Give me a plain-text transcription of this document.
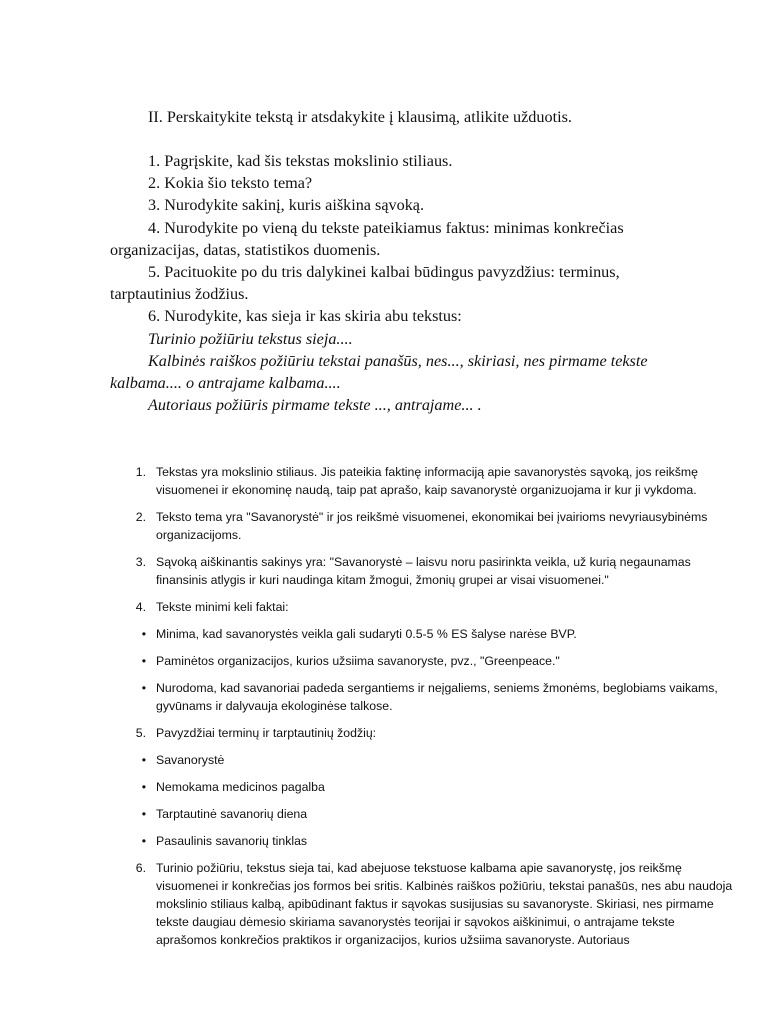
II. Perskaitykite tekstą ir atsdakykite į klausimą, atlikite užduotis.

1. Pagrįskite, kad šis tekstas mokslinio stiliaus.

2. Kokia šio teksto tema?

3. Nurodykite sakinį, kuris aiškina sąvoką.

4. Nurodykite po vieną du tekste pateikiamus faktus: minimas konkrečias organizacijas, datas, statistikos duomenis.

5. Pacituokite po du tris dalykinei kalbai būdingus pavyzdžius: terminus, tarptautinius žodžius.

6. Nurodykite, kas sieja ir kas skiria abu tekstus:

Turinio požiūriu tekstus sieja....

Kalbinės raiškos požiūriu tekstai panašūs, nes..., skiriasi, nes pirmame tekste kalbama.... o antrajame kalbama....

Autoriaus požiūris pirmame tekste ..., antrajame... .

1. Tekstas yra mokslinio stiliaus. Jis pateikia faktinę informaciją apie savanorystės sąvoką, jos reikšmę visuomenei ir ekonominę naudą, taip pat aprašo, kaip savanorystė organizuojama ir kur ji vykdoma.
2. Teksto tema yra "Savanorystė" ir jos reikšmė visuomenei, ekonomikai bei įvairioms nevyriausybinėms organizacijoms.
3. Sąvoką aiškinantis sakinys yra: "Savanorystė – laisvu noru pasirinkta veikla, už kurią negaunamas finansinis atlygis ir kuri naudinga kitam žmogui, žmonių grupei ar visai visuomenei."
4. Tekste minimi keli faktai:
• Minima, kad savanorystės veikla gali sudaryti 0.5-5 % ES šalyse narėse BVP.
• Paminėtos organizacijos, kurios užsiima savanoryste, pvz., "Greenpeace."
• Nurodoma, kad savanoriai padeda sergantiems ir neįgaliems, seniems žmonėms, beglobiams vaikams, gyvūnams ir dalyvauja ekologinėse talkose.
5. Pavyzdžiai terminų ir tarptautinių žodžių:
• Savanorystė
• Nemokama medicinos pagalba
• Tarptautinė savanorių diena
• Pasaulinis savanorių tinklas
6. Turinio požiūriu, tekstus sieja tai, kad abejuose tekstuose kalbama apie savanorystę, jos reikšmę visuomenei ir konkrečias jos formos bei sritis. Kalbinės raiškos požiūriu, tekstai panašūs, nes abu naudoja mokslinio stiliaus kalbą, apibūdinant faktus ir sąvokas susijusias su savanoryste. Skiriasi, nes pirmame tekste daugiau dėmesio skiriama savanorystės teorijai ir sąvokos aiškinimui, o antrajame tekste aprašomos konkrečios praktikos ir organizacijos, kurios užsiima savanoryste. Autoriaus
